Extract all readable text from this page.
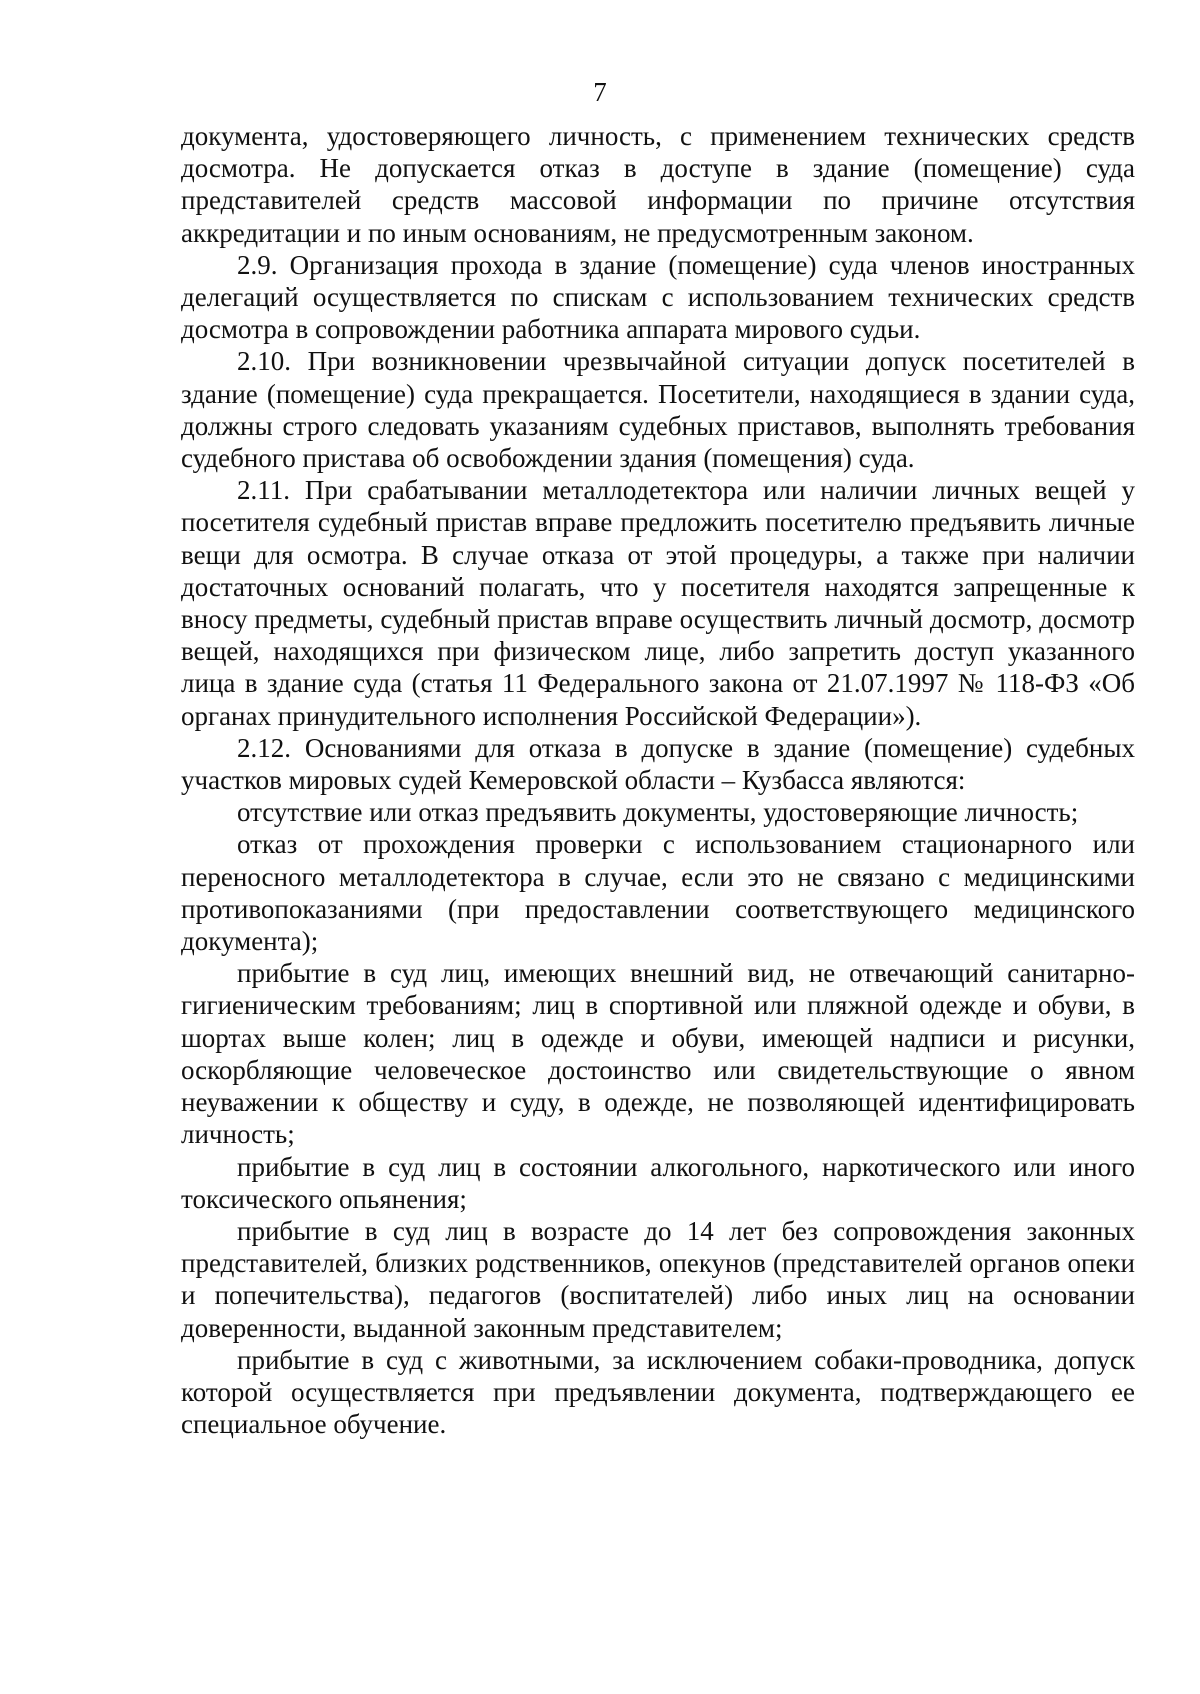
7

документа, удостоверяющего личность, с применением технических средств досмотра. Не допускается отказ в доступе в здание (помещение) суда представителей средств массовой информации по причине отсутствия аккредитации и по иным основаниям, не предусмотренным законом.

2.9. Организация прохода в здание (помещение) суда членов иностранных делегаций осуществляется по спискам с использованием технических средств досмотра в сопровождении работника аппарата мирового судьи.

2.10. При возникновении чрезвычайной ситуации допуск посетителей в здание (помещение) суда прекращается. Посетители, находящиеся в здании суда, должны строго следовать указаниям судебных приставов, выполнять требования судебного пристава об освобождении здания (помещения) суда.

2.11. При срабатывании металлодетектора или наличии личных вещей у посетителя судебный пристав вправе предложить посетителю предъявить личные вещи для осмотра. В случае отказа от этой процедуры, а также при наличии достаточных оснований полагать, что у посетителя находятся запрещенные к вносу предметы, судебный пристав вправе осуществить личный досмотр, досмотр вещей, находящихся при физическом лице, либо запретить доступ указанного лица в здание суда (статья 11 Федерального закона от 21.07.1997 № 118-ФЗ «Об органах принудительного исполнения Российской Федерации»).

2.12. Основаниями для отказа в допуске в здание (помещение) судебных участков мировых судей Кемеровской области – Кузбасса являются:

отсутствие или отказ предъявить документы, удостоверяющие личность;

отказ от прохождения проверки с использованием стационарного или переносного металлодетектора в случае, если это не связано с медицинскими противопоказаниями (при предоставлении соответствующего медицинского документа);

прибытие в суд лиц, имеющих внешний вид, не отвечающий санитарно-гигиеническим требованиям; лиц в спортивной или пляжной одежде и обуви, в шортах выше колен; лиц в одежде и обуви, имеющей надписи и рисунки, оскорбляющие человеческое достоинство или свидетельствующие о явном неуважении к обществу и суду, в одежде, не позволяющей идентифицировать личность;

прибытие в суд лиц в состоянии алкогольного, наркотического или иного токсического опьянения;

прибытие в суд лиц в возрасте до 14 лет без сопровождения законных представителей, близких родственников, опекунов (представителей органов опеки и попечительства), педагогов (воспитателей) либо иных лиц на основании доверенности, выданной законным представителем;

прибытие в суд с животными, за исключением собаки-проводника, допуск которой осуществляется при предъявлении документа, подтверждающего ее специальное обучение.
